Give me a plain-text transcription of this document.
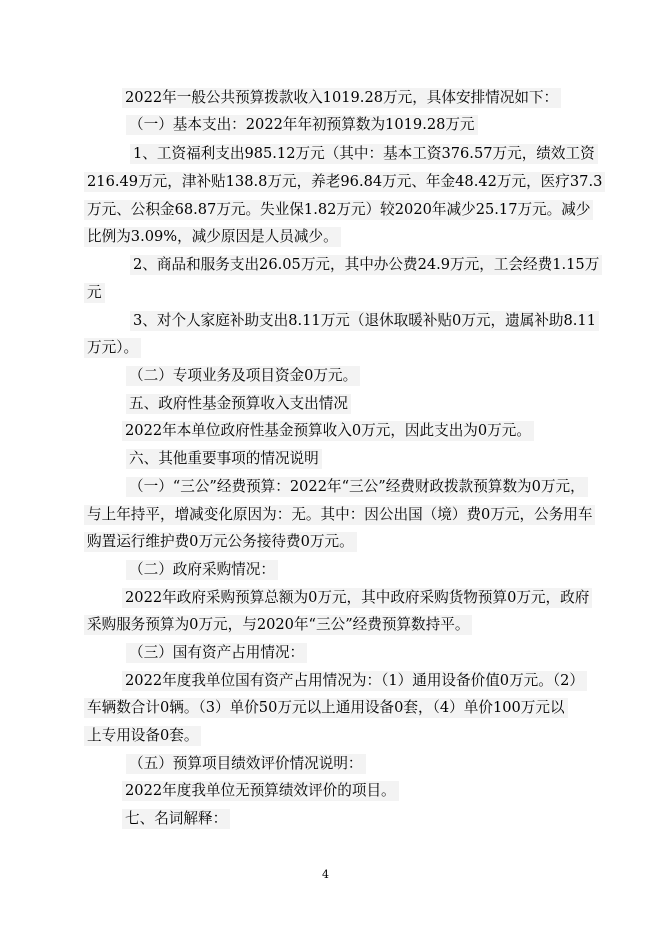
2022年一般公共预算拨款收入1019.28万元，具体安排情况如下：
（一）基本支出：2022年年初预算数为1019.28万元
1、工资福利支出985.12万元（其中：基本工资376.57万元，绩效工资
216.49万元，津补贴138.8万元，养老96.84万元、年金48.42万元，医疗37.3
万元、公积金68.87万元。失业保1.82万元）较2020年减少25.17万元。减少
比例为3.09%，减少原因是人员减少。
2、商品和服务支出26.05万元，其中办公费24.9万元，工会经费1.15万
元
3、对个人家庭补助支出8.11万元（退休取暖补贴0万元，遗属补助8.11
万元）。
（二）专项业务及项目资金0万元。
五、政府性基金预算收入支出情况
2022年本单位政府性基金预算收入0万元，因此支出为0万元。
六、其他重要事项的情况说明
（一）“三公”经费预算：2022年“三公”经费财政拨款预算数为0万元，
与上年持平，增减变化原因为：无。其中：因公出国（境）费0万元，公务用车
购置运行维护费0万元公务接待费0万元。
（二）政府采购情况：
2022年政府采购预算总额为0万元，其中政府采购货物预算0万元，政府
采购服务预算为0万元，与2020年“三公”经费预算数持平。
（三）国有资产占用情况：
2022年度我单位国有资产占用情况为：（1）通用设备价值0万元。（2）
车辆数合计0辆。（3）单价50万元以上通用设备0套，（4）单价100万元以
上专用设备0套。
（五）预算项目绩效评价情况说明：
2022年度我单位无预算绩效评价的项目。
七、名词解释：
4
